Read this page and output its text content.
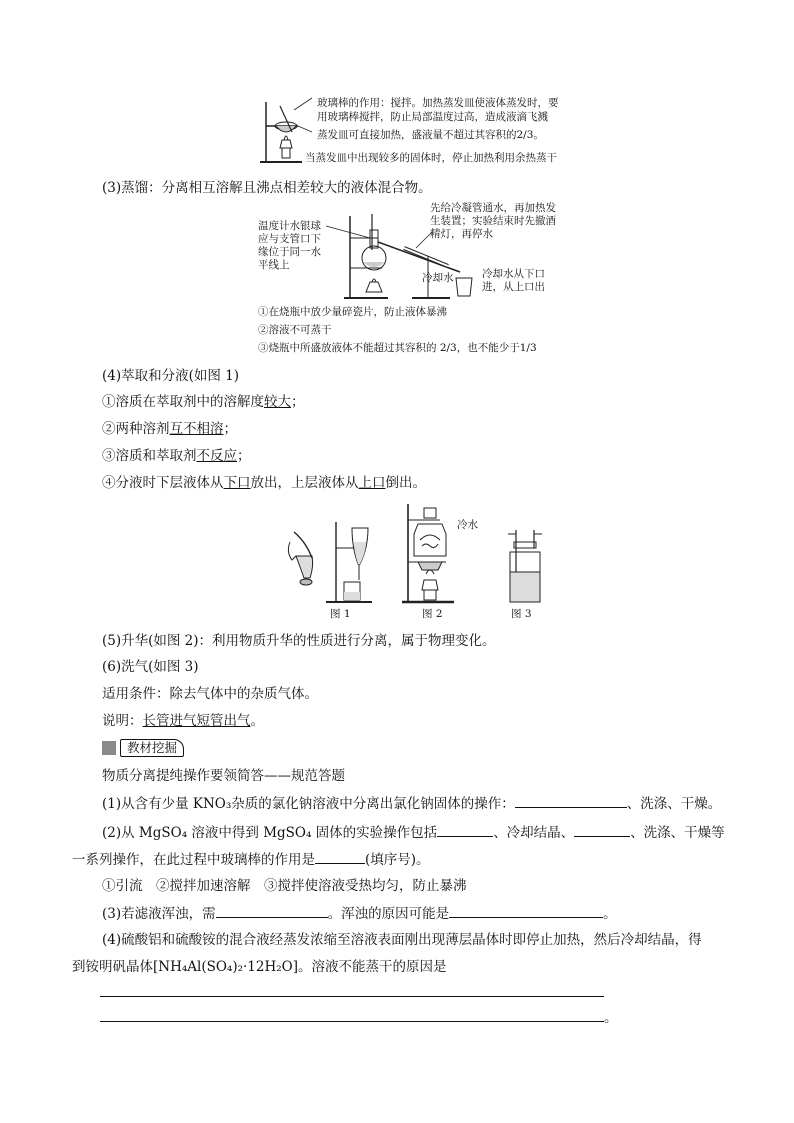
玻璃棒的作用：搅拌。加热蒸发皿使液体蒸发时，要
用玻璃棒搅拌，防止局部温度过高，造成液滴飞溅
蒸发皿可直接加热，盛液量不超过其容积的2/3。
当蒸发皿中出现较多的固体时，停止加热利用余热蒸干
(3)蒸馏：分离相互溶解且沸点相差较大的液体混合物。
温度计水银球
应与支管口下
缘位于同一水
平线上
先给冷凝管通水，再加热发
生装置；实验结束时先撤酒
精灯，再停水
冷却水	冷却水从下口
进，从上口出
①在烧瓶中放少量碎瓷片，防止液体暴沸
②溶液不可蒸干
③烧瓶中所盛放液体不能超过其容积的 2/3，也不能少于1/3
(4)萃取和分液(如图 1)
①溶质在萃取剂中的溶解度较大；
②两种溶剂互不相溶；
③溶质和萃取剂不反应；
④分液时下层液体从下口放出，上层液体从上口倒出。
冷水
图 1	图 2	图 3
(5)升华(如图 2)：利用物质升华的性质进行分离，属于物理变化。
(6)洗气(如图 3)
适用条件：除去气体中的杂质气体。
说明：长管进气短管出气。
教材挖掘
物质分离提纯操作要领简答——规范答题
(1)从含有少量 KNO₃杂质的氯化钠溶液中分离出氯化钠固体的操作：	、洗涤、干燥。
(2)从 MgSO₄ 溶液中得到 MgSO₄ 固体的实验操作包括	、冷却结晶、	、洗涤、干燥等
一系列操作，在此过程中玻璃棒的作用是	(填序号)。
①引流　②搅拌加速溶解　③搅拌使溶液受热均匀，防止暴沸
(3)若滤液浑浊，需	。浑浊的原因可能是	。
(4)硫酸铝和硫酸铵的混合液经蒸发浓缩至溶液表面刚出现薄层晶体时即停止加热，然后冷却结晶，得
到铵明矾晶体[NH₄Al(SO₄)₂·12H₂O]。溶液不能蒸干的原因是
。
